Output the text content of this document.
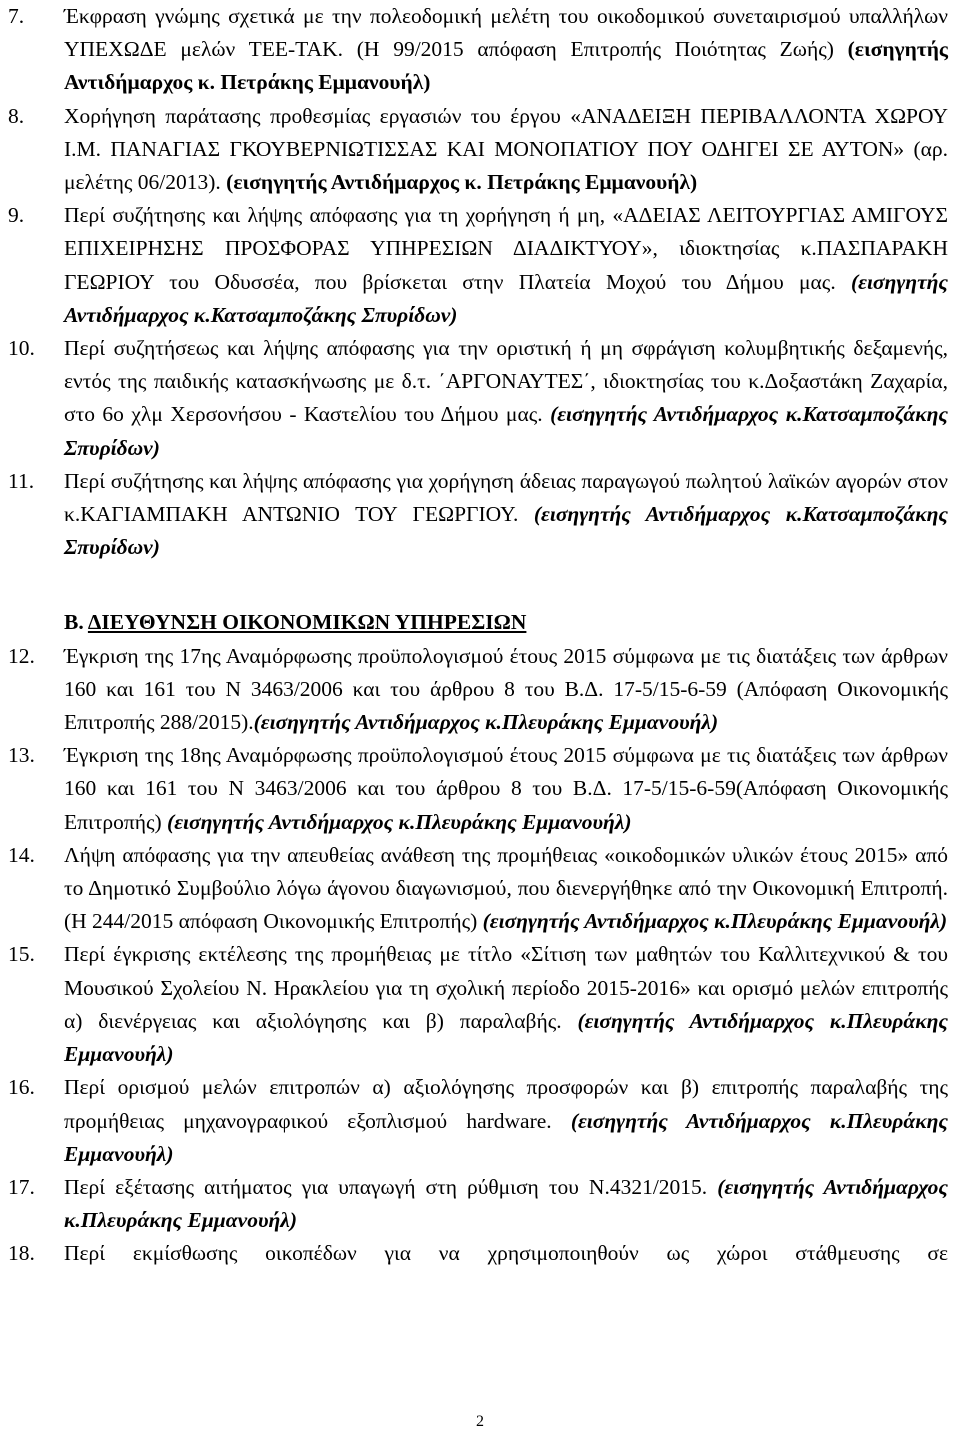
7. Έκφραση γνώμης σχετικά με την πολεοδομική μελέτη του οικοδομικού συνεταιρισμού υπαλλήλων ΥΠΕΧΩΔΕ μελών ΤΕΕ-ΤΑΚ. (Η 99/2015 απόφαση Επιτροπής Ποιότητας Ζωής) (εισηγητής Αντιδήμαρχος κ. Πετράκης Εμμανουήλ)
8. Χορήγηση παράτασης προθεσμίας εργασιών του έργου «ΑΝΑΔΕΙΞΗ ΠΕΡΙΒΑΛΛΟΝΤΑ ΧΩΡΟΥ Ι.Μ. ΠΑΝΑΓΙΑΣ ΓΚΟΥΒΕΡΝΙΩΤΙΣΣΑΣ ΚΑΙ ΜΟΝΟΠΑΤΙΟΥ ΠΟΥ ΟΔΗΓΕΙ ΣΕ ΑΥΤΟΝ» (αρ. μελέτης 06/2013). (εισηγητής Αντιδήμαρχος κ. Πετράκης Εμμανουήλ)
9. Περί συζήτησης και λήψης απόφασης για τη χορήγηση ή μη, «ΑΔΕΙΑΣ ΛΕΙΤΟΥΡΓΙΑΣ ΑΜΙΓΟΥΣ ΕΠΙΧΕΙΡΗΣΗΣ ΠΡΟΣΦΟΡΑΣ ΥΠΗΡΕΣΙΩΝ ΔΙΑΔΙΚΤΥΟΥ», ιδιοκτησίας κ.ΠΑΣΠΑΡΑΚΗ ΓΕΩΡΙΟΥ του Οδυσσέα, που βρίσκεται στην Πλατεία Μοχού του Δήμου μας. (εισηγητής Αντιδήμαρχος κ.Κατσαμποζάκης Σπυρίδων)
10. Περί συζητήσεως και λήψης απόφασης για την οριστική ή μη σφράγιση κολυμβητικής δεξαμενής, εντός της παιδικής κατασκήνωσης με δ.τ. ΄ΑΡΓΟΝΑΥΤΕΣ΄, ιδιοκτησίας του κ.Δοξαστάκη Ζαχαρία, στο 6ο χλμ Χερσονήσου - Καστελίου του Δήμου μας. (εισηγητής Αντιδήμαρχος κ.Κατσαμποζάκης Σπυρίδων)
11. Περί συζήτησης και λήψης απόφασης για χορήγηση άδειας παραγωγού πωλητού λαϊκών αγορών στον κ.ΚΑΓΙΑΜΠΑΚΗ ΑΝΤΩΝΙΟ ΤΟΥ ΓΕΩΡΓΙΟΥ. (εισηγητής Αντιδήμαρχος κ.Κατσαμποζάκης Σπυρίδων)
Β. ΔΙΕΥΘΥΝΣΗ ΟΙΚΟΝΟΜΙΚΩΝ ΥΠΗΡΕΣΙΩΝ
12. Έγκριση της 17ης Αναμόρφωσης προϋπολογισμού έτους 2015 σύμφωνα με τις διατάξεις των άρθρων 160 και 161 του Ν 3463/2006 και του άρθρου 8 του Β.Δ. 17-5/15-6-59 (Απόφαση Οικονομικής Επιτροπής 288/2015).(εισηγητής Αντιδήμαρχος κ.Πλευράκης Εμμανουήλ)
13. Έγκριση της 18ης Αναμόρφωσης προϋπολογισμού έτους 2015 σύμφωνα με τις διατάξεις των άρθρων 160 και 161 του Ν 3463/2006 και του άρθρου 8 του Β.Δ. 17-5/15-6-59(Απόφαση Οικονομικής Επιτροπής) (εισηγητής Αντιδήμαρχος κ.Πλευράκης Εμμανουήλ)
14. Λήψη απόφασης για την απευθείας ανάθεση της προμήθειας «οικοδομικών υλικών έτους 2015» από το Δημοτικό Συμβούλιο λόγω άγονου διαγωνισμού, που διενεργήθηκε από την Οικονομική Επιτροπή.(Η 244/2015 απόφαση Οικονομικής Επιτροπής) (εισηγητής Αντιδήμαρχος κ.Πλευράκης Εμμανουήλ)
15. Περί έγκρισης εκτέλεσης της προμήθειας με τίτλο «Σίτιση των μαθητών του Καλλιτεχνικού & του Μουσικού Σχολείου Ν. Ηρακλείου για τη σχολική περίοδο 2015-2016» και ορισμό μελών επιτροπής α) διενέργειας και αξιολόγησης και β) παραλαβής. (εισηγητής Αντιδήμαρχος κ.Πλευράκης Εμμανουήλ)
16. Περί ορισμού μελών επιτροπών α) αξιολόγησης προσφορών και β) επιτροπής παραλαβής της προμήθειας μηχανογραφικού εξοπλισμού hardware. (εισηγητής Αντιδήμαρχος κ.Πλευράκης Εμμανουήλ)
17. Περί εξέτασης αιτήματος για υπαγωγή στη ρύθμιση του Ν.4321/2015. (εισηγητής Αντιδήμαρχος κ.Πλευράκης Εμμανουήλ)
18. Περί εκμίσθωσης οικοπέδων για να χρησιμοποιηθούν ως χώροι στάθμευσης σε
2
